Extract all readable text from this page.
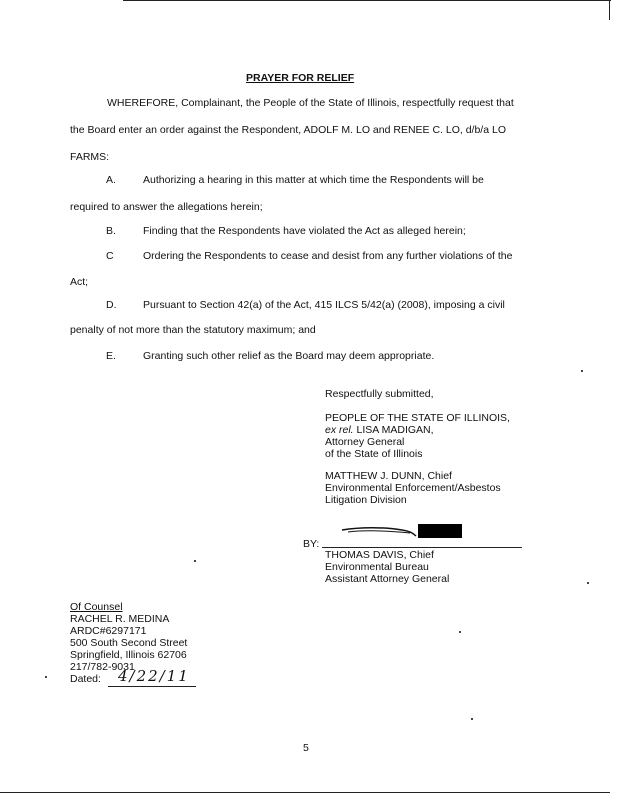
PRAYER FOR RELIEF
WHEREFORE, Complainant, the People of the State of Illinois, respectfully request that
the Board enter an order against the Respondent, ADOLF M. LO and RENEE C. LO, d/b/a LO
FARMS:
A.	Authorizing a hearing in this matter at which time the Respondents will be
required to answer the allegations herein;
B.	Finding that the Respondents have violated the Act as alleged herein;
C	Ordering the Respondents to cease and desist from any further violations of the
Act;
D.	Pursuant to Section 42(a) of the Act, 415 ILCS 5/42(a) (2008), imposing a civil
penalty of not more than the statutory maximum; and
E.	Granting such other relief as the Board may deem appropriate.
Respectfully submitted,
PEOPLE OF THE STATE OF ILLINOIS,
ex rel. LISA MADIGAN,
Attorney General
of the State of Illinois
MATTHEW J. DUNN, Chief
Environmental Enforcement/Asbestos
Litigation Division
BY:
THOMAS DAVIS, Chief
Environmental Bureau
Assistant Attorney General
Of Counsel
RACHEL R. MEDINA
ARDC#6297171
500 South Second Street
Springfield, Illinois 62706
217/782-9031
Dated:	4/22/11
5
